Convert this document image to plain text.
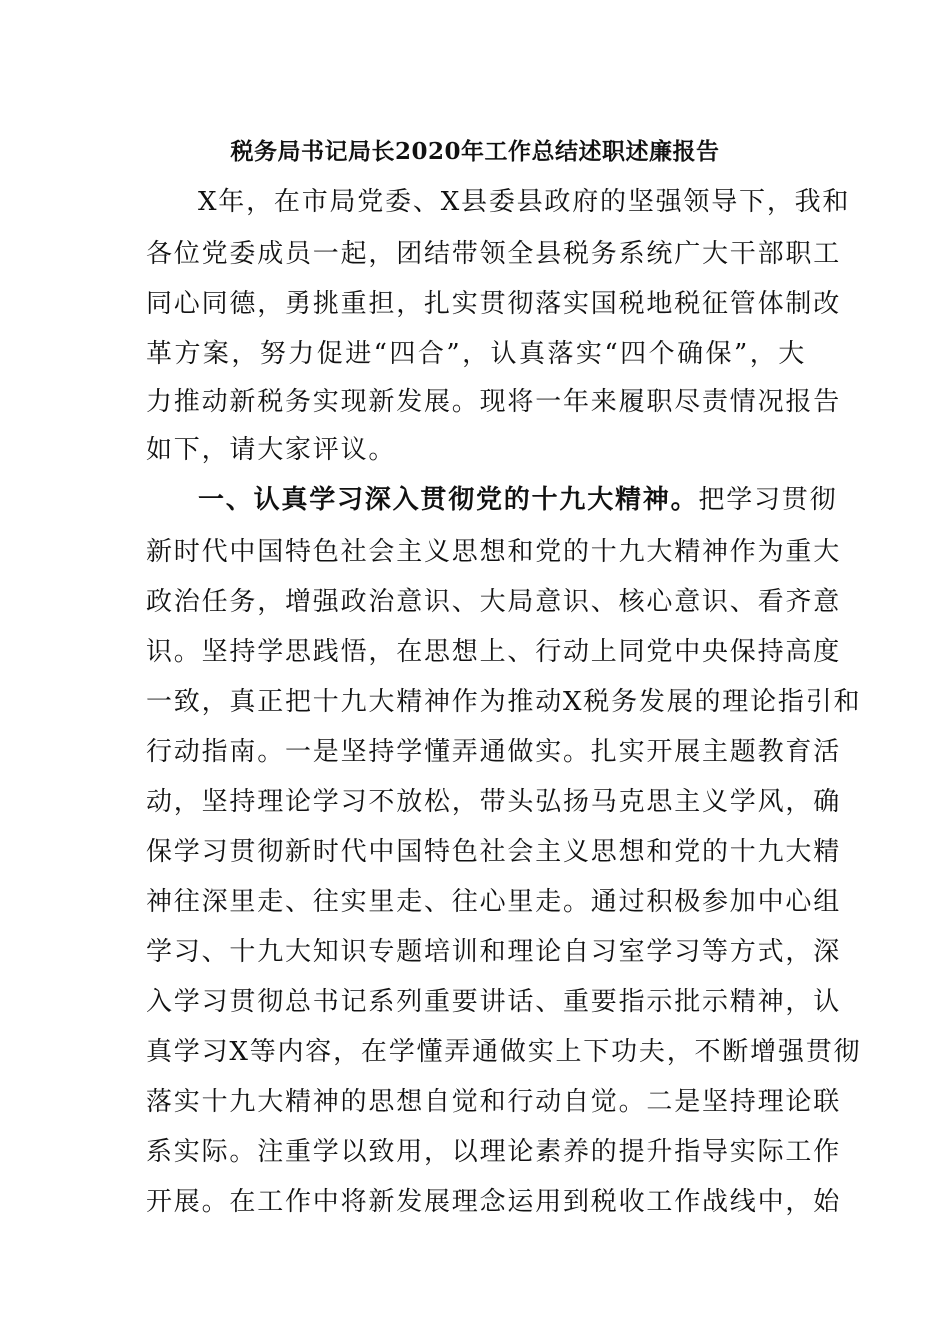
税务局书记局长2020年工作总结述职述廉报告
X年，在市局党委、X县委县政府的坚强领导下，我和
各位党委成员一起，团结带领全县税务系统广大干部职工
同心同德，勇挑重担，扎实贯彻落实国税地税征管体制改
革方案，努力促进“四合”，认真落实“四个确保”，大
力推动新税务实现新发展。现将一年来履职尽责情况报告
如下，请大家评议。
一、认真学习深入贯彻党的十九大精神。把学习贯彻
新时代中国特色社会主义思想和党的十九大精神作为重大
政治任务，增强政治意识、大局意识、核心意识、看齐意
识。坚持学思践悟，在思想上、行动上同党中央保持高度
一致，真正把十九大精神作为推动X税务发展的理论指引和
行动指南。一是坚持学懂弄通做实。扎实开展主题教育活
动，坚持理论学习不放松，带头弘扬马克思主义学风，确
保学习贯彻新时代中国特色社会主义思想和党的十九大精
神往深里走、往实里走、往心里走。通过积极参加中心组
学习、十九大知识专题培训和理论自习室学习等方式，深
入学习贯彻总书记系列重要讲话、重要指示批示精神，认
真学习X等内容，在学懂弄通做实上下功夫，不断增强贯彻
落实十九大精神的思想自觉和行动自觉。二是坚持理论联
系实际。注重学以致用，以理论素养的提升指导实际工作
开展。在工作中将新发展理念运用到税收工作战线中，始
